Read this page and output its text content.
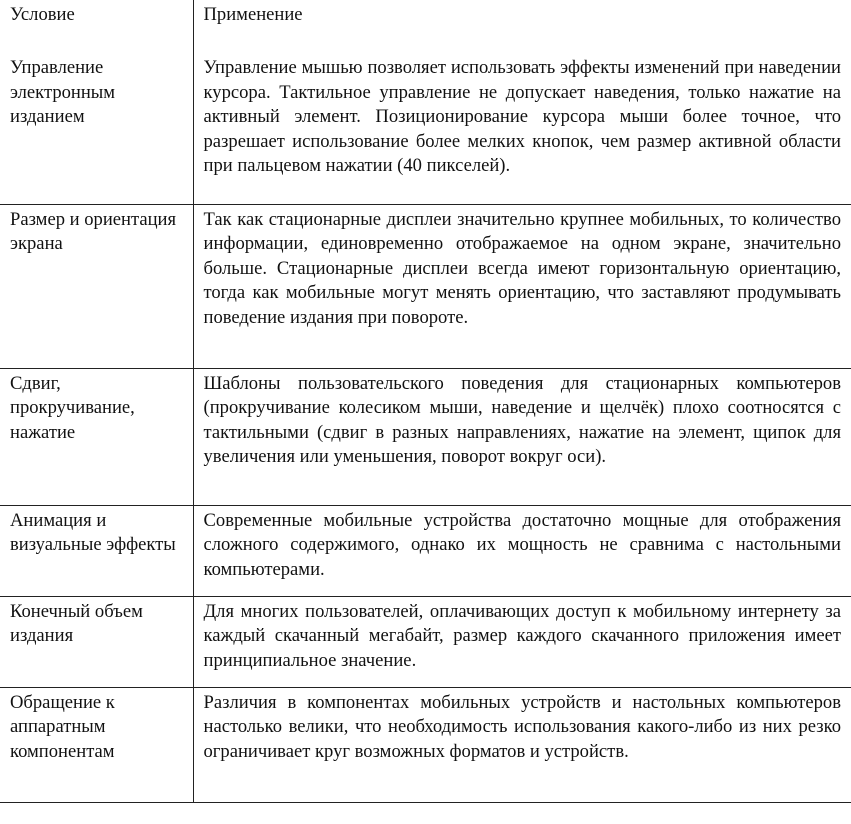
Условие	Применение
Управление электронным изданием	Управление мышью позволяет использовать эффекты изменений при наведении курсора. Тактильное управление не допускает наведения, только нажатие на активный элемент. Позиционирование курсора мыши более точное, что разрешает использование более мелких кнопок, чем размер активной области при пальцевом нажатии (40 пикселей).
Размер и ориентация экрана	Так как стационарные дисплеи значительно крупнее мобильных, то количество информации, единовременно отображаемое на одном экране, значительно больше. Стационарные дисплеи всегда имеют горизонтальную ориентацию, тогда как мобильные могут менять ориентацию, что заставляют продумывать поведение издания при повороте.
Сдвиг, прокручивание, нажатие	Шаблоны пользовательского поведения для стационарных компьютеров (прокручивание колесиком мыши, наведение и щелчёк) плохо соотносятся с тактильными (сдвиг в разных направлениях, нажатие на элемент, щипок для увеличения или уменьшения, поворот вокруг оси).
Анимация и визуальные эффекты	Современные мобильные устройства достаточно мощные для отображения сложного содержимого, однако их мощность не сравнима с настольными компьютерами.
Конечный объем издания	Для многих пользователей, оплачивающих доступ к мобильному интернету за каждый скачанный мегабайт, размер каждого скачанного приложения имеет принципиальное значение.
Обращение к аппаратным компонентам	Различия в компонентах мобильных устройств и настольных компьютеров настолько велики, что необходимость использования какого-либо из них резко ограничивает круг возможных форматов и устройств.
